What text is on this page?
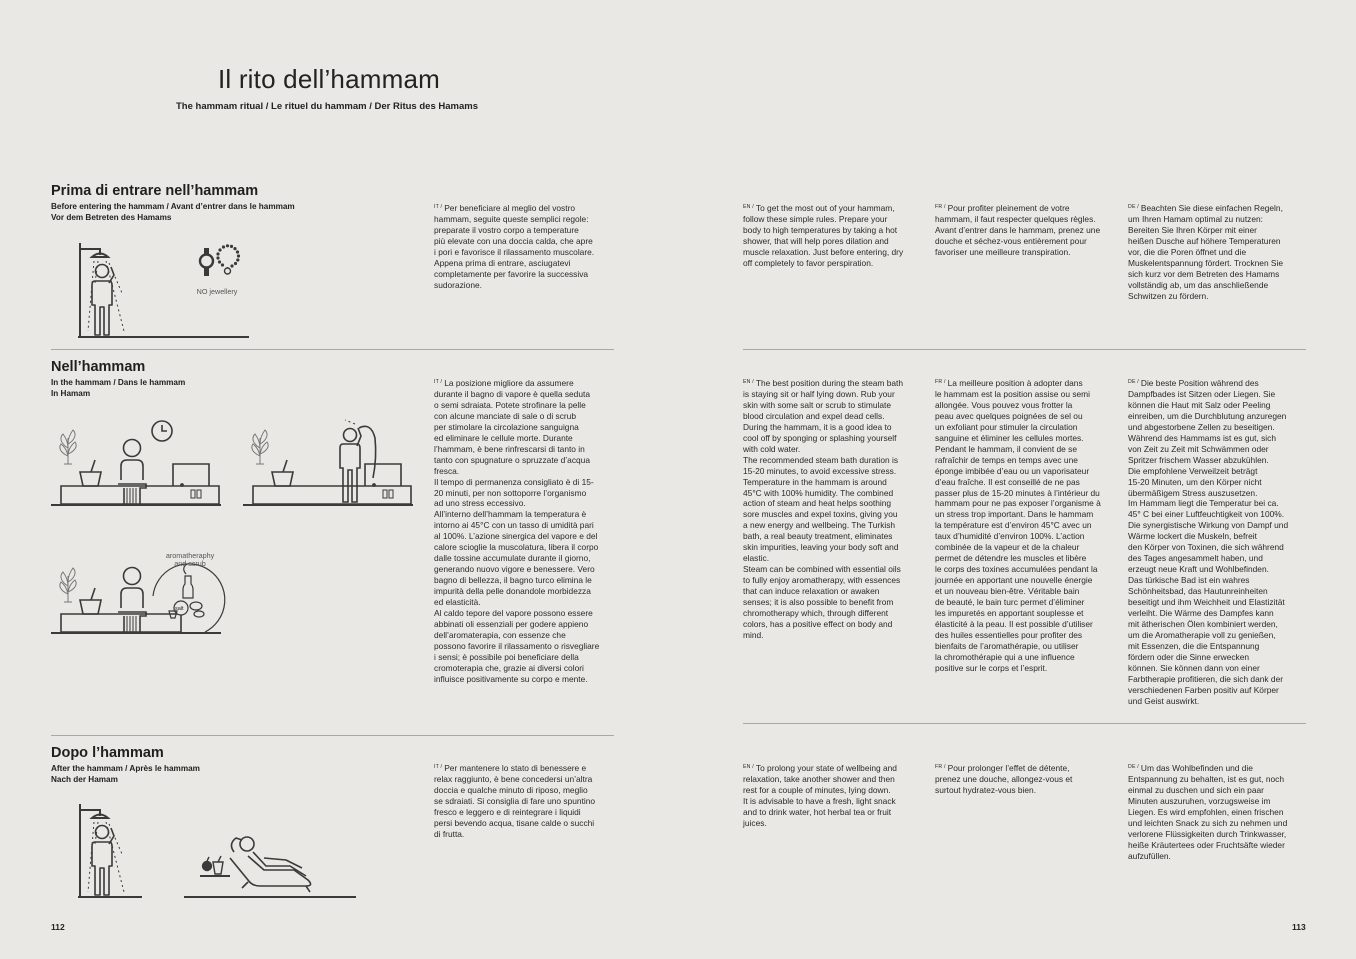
Il rito dell’hammam
The hammam ritual / Le rituel du hammam / Der Ritus des Hamams
Prima di entrare nell’hammam
Before entering the hammam / Avant d’entrer dans le hammam
Vor dem Betreten des Hamams
NO jewellery
$^{IT /}$ Per beneficiare al meglio del vostro
hammam, seguite queste semplici regole:
preparate il vostro corpo a temperature
più elevate con una doccia calda, che apre
i pori e favorisce il rilassamento muscolare.
Appena prima di entrare, asciugatevi
completamente per favorire la successiva
sudorazione.
$^{EN /}$ To get the most out of your hammam,
follow these simple rules. Prepare your
body to high temperatures by taking a hot
shower, that will help pores dilation and
muscle relaxation. Just before entering, dry
off completely to favor perspiration.
$^{FR /}$ Pour profiter pleinement de votre
hammam, il faut respecter quelques règles.
Avant d’entrer dans le hammam, prenez une
douche et séchez-vous entièrement pour
favoriser une meilleure transpiration.
$^{DE /}$ Beachten Sie diese einfachen Regeln,
um Ihren Hamam optimal zu nutzen:
Bereiten Sie Ihren Körper mit einer
heißen Dusche auf höhere Temperaturen
vor, die die Poren öffnet und die
Muskelentspannung fördert. Trocknen Sie
sich kurz vor dem Betreten des Hamams
vollständig ab, um das anschließende
Schwitzen zu fördern.
Nell’hammam
In the hammam / Dans le hammam
In Hamam
aromatheraphy
and scrub
salt
$^{IT /}$ La posizione migliore da assumere
durante il bagno di vapore è quella seduta
o semi sdraiata. Potete strofinare la pelle
con alcune manciate di sale o di scrub
per stimolare la circolazione sanguigna
ed eliminare le cellule morte. Durante
l’hammam, è bene rinfrescarsi di tanto in
tanto con spugnature o spruzzate d’acqua
fresca.
Il tempo di permanenza consigliato è di 15-
20 minuti, per non sottoporre l’organismo
ad uno stress eccessivo.
All’interno dell’hammam la temperatura è
intorno ai 45°C con un tasso di umidità pari
al 100%. L’azione sinergica del vapore e del
calore scioglie la muscolatura, libera il corpo
dalle tossine accumulate durante il giorno,
generando nuovo vigore e benessere. Vero
bagno di bellezza, il bagno turco elimina le
impurità della pelle donandole morbidezza
ed elasticità.
Al caldo tepore del vapore possono essere
abbinati oli essenziali per godere appieno
dell’aromaterapia, con essenze che
possono favorire il rilassamento o risvegliare
i sensi; è possibile poi beneficiare della
cromoterapia che, grazie ai diversi colori
influisce positivamente su corpo e mente.
$^{EN /}$ The best position during the steam bath
is staying sit or half lying down. Rub your
skin with some salt or scrub to stimulate
blood circulation and expel dead cells.
During the hammam, it is a good idea to
cool off by sponging or splashing yourself
with cold water.
The recommended steam bath duration is
15-20 minutes, to avoid excessive stress.
Temperature in the hammam is around
45°C with 100% humidity. The combined
action of steam and heat helps soothing
sore muscles and expel toxins, giving you
a new energy and wellbeing. The Turkish
bath, a real beauty treatment, eliminates
skin impurities, leaving your body soft and
elastic.
Steam can be combined with essential oils
to fully enjoy aromatherapy, with essences
that can induce relaxation or awaken
senses; it is also possible to benefit from
chromotherapy which, through different
colors, has a positive effect on body and
mind.
$^{FR /}$ La meilleure position à adopter dans
le hammam est la position assise ou semi
allongée. Vous pouvez vous frotter la
peau avec quelques poignées de sel ou
un exfoliant pour stimuler la circulation
sanguine et éliminer les cellules mortes.
Pendant le hammam, il convient de se
rafraîchir de temps en temps avec une
éponge imbibée d’eau ou un vaporisateur
d’eau fraîche. Il est conseillé de ne pas
passer plus de 15-20 minutes à l’intérieur du
hammam pour ne pas exposer l’organisme à
un stress trop important. Dans le hammam
la température est d’environ 45°C avec un
taux d’humidité d’environ 100%. L’action
combinée de la vapeur et de la chaleur
permet de détendre les muscles et libère
le corps des toxines accumulées pendant la
journée en apportant une nouvelle énergie
et un nouveau bien-être. Véritable bain
de beauté, le bain turc permet d’éliminer
les impuretés en apportant souplesse et
élasticité à la peau. Il est possible d’utiliser
des huiles essentielles pour profiter des
bienfaits de l’aromathérapie, ou utiliser
la chromothérapie qui a une influence
positive sur le corps et l’esprit.
$^{DE /}$ Die beste Position während des
Dampfbades ist Sitzen oder Liegen. Sie
können die Haut mit Salz oder Peeling
einreiben, um die Durchblutung anzuregen
und abgestorbene Zellen zu beseitigen.
Während des Hammams ist es gut, sich
von Zeit zu Zeit mit Schwämmen oder
Spritzer frischem Wasser abzukühlen.
Die empfohlene Verweilzeit beträgt
15-20 Minuten, um den Körper nicht
übermäßigem Stress auszusetzen.
Im Hammam liegt die Temperatur bei ca.
45° C bei einer Luftfeuchtigkeit von 100%.
Die synergistische Wirkung von Dampf und
Wärme lockert die Muskeln, befreit
den Körper von Toxinen, die sich während
des Tages angesammelt haben, und
erzeugt neue Kraft und Wohlbefinden.
Das türkische Bad ist ein wahres
Schönheitsbad, das Hautunreinheiten
beseitigt und ihm Weichheit und Elastizität
verleiht. Die Wärme des Dampfes kann
mit ätherischen Ölen kombiniert werden,
um die Aromatherapie voll zu genießen,
mit Essenzen, die die Entspannung
fördern oder die Sinne erwecken
können. Sie können dann von einer
Farbtherapie profitieren, die sich dank der
verschiedenen Farben positiv auf Körper
und Geist auswirkt.
Dopo l’hammam
After the hammam / Après le hammam
Nach der Hamam
$^{IT /}$ Per mantenere lo stato di benessere e
relax raggiunto, è bene concedersi un’altra
doccia e qualche minuto di riposo, meglio
se sdraiati. Si consiglia di fare uno spuntino
fresco e leggero e di reintegrare i liquidi
persi bevendo acqua, tisane calde o succhi
di frutta.
$^{EN /}$ To prolong your state of wellbeing and
relaxation, take another shower and then
rest for a couple of minutes, lying down.
It is advisable to have a fresh, light snack
and to drink water, hot herbal tea or fruit
juices.
$^{FR /}$ Pour prolonger l’effet de détente,
prenez une douche, allongez-vous et
surtout hydratez-vous bien.
$^{DE /}$ Um das Wohlbefinden und die
Entspannung zu behalten, ist es gut, noch
einmal zu duschen und sich ein paar
Minuten auszuruhen, vorzugsweise im
Liegen. Es wird empfohlen, einen frischen
und leichten Snack zu sich zu nehmen und
verlorene Flüssigkeiten durch Trinkwasser,
heiße Kräutertees oder Fruchtsäfte wieder
aufzufüllen.
112	113
